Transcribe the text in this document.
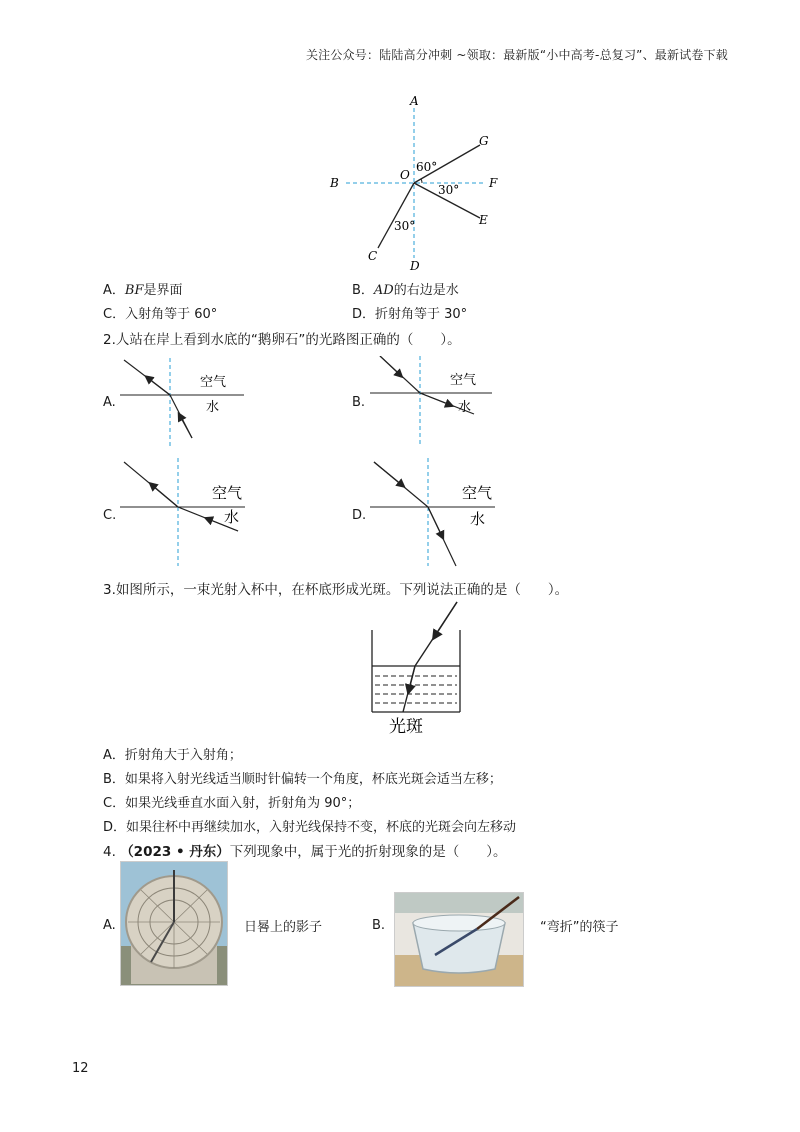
关注公众号：陆陆高分冲刺 ~领取：最新版“小中高考-总复习”、最新试卷下载
A
B
C
D
E
F
G
O
60°
30°
30°
A．BF是界面	B．AD的右边是水
C．入射角等于 60°	D．折射角等于 30°
2.人站在岸上看到水底的“鹅卵石”的光路图正确的（　　）。
A.
空气
水	B.
空气
水
C.
空气
水	D.
空气
水
3.如图所示，一束光射入杯中，在杯底形成光斑。下列说法正确的是（　　）。
光斑
A．折射角大于入射角；
B．如果将入射光线适当顺时针偏转一个角度，杯底光斑会适当左移；
C．如果光线垂直水面入射，折射角为 90°；
D．如果往杯中再继续加水，入射光线保持不变，杯底的光斑会向左移动
4. （2023 • 丹东）下列现象中，属于光的折射现象的是（　　）。
A.	日晷上的影子	B.	“弯折”的筷子
12
